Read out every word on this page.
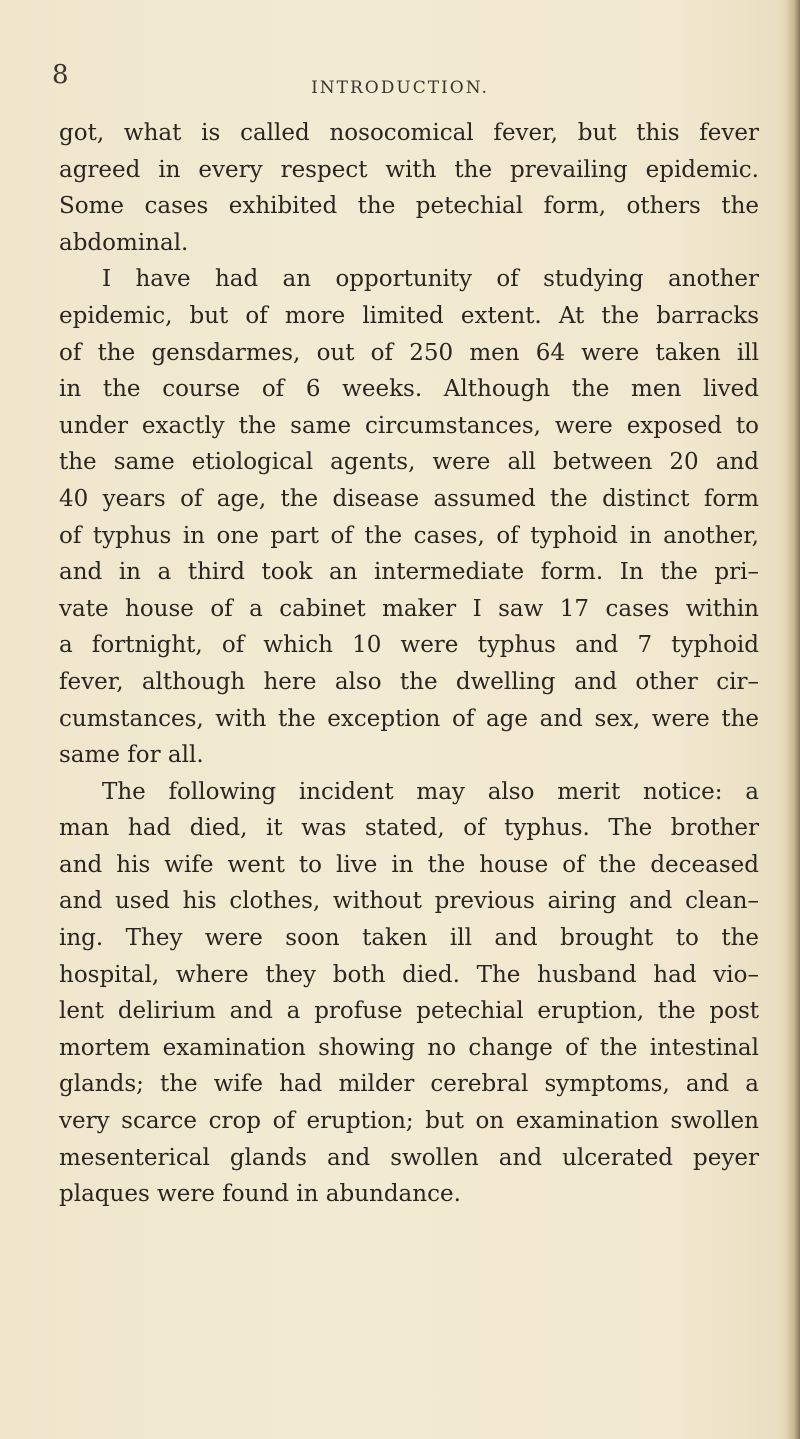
8	INTRODUCTION.
got, what is called nosocomical fever, but this fever
agreed in every respect with the prevailing epidemic.
Some cases exhibited the petechial form, others the
abdominal.
I have had an opportunity of studying another
epidemic, but of more limited extent. At the barracks
of the gensdarmes, out of 250 men 64 were taken ill
in the course of 6 weeks. Although the men lived
under exactly the same circumstances, were exposed to
the same etiological agents, were all between 20 and
40 years of age, the disease assumed the distinct form
of typhus in one part of the cases, of typhoid in another,
and in a third took an intermediate form. In the pri–
vate house of a cabinet maker I saw 17 cases within
a fortnight, of which 10 were typhus and 7 typhoid
fever, although here also the dwelling and other cir–
cumstances, with the exception of age and sex, were the
same for all.
The following incident may also merit notice: a
man had died, it was stated, of typhus. The brother
and his wife went to live in the house of the deceased
and used his clothes, without previous airing and clean–
ing. They were soon taken ill and brought to the
hospital, where they both died. The husband had vio–
lent delirium and a profuse petechial eruption, the post
mortem examination showing no change of the intestinal
glands; the wife had milder cerebral symptoms, and a
very scarce crop of eruption; but on examination swollen
mesenterical glands and swollen and ulcerated peyer
plaques were found in abundance.
